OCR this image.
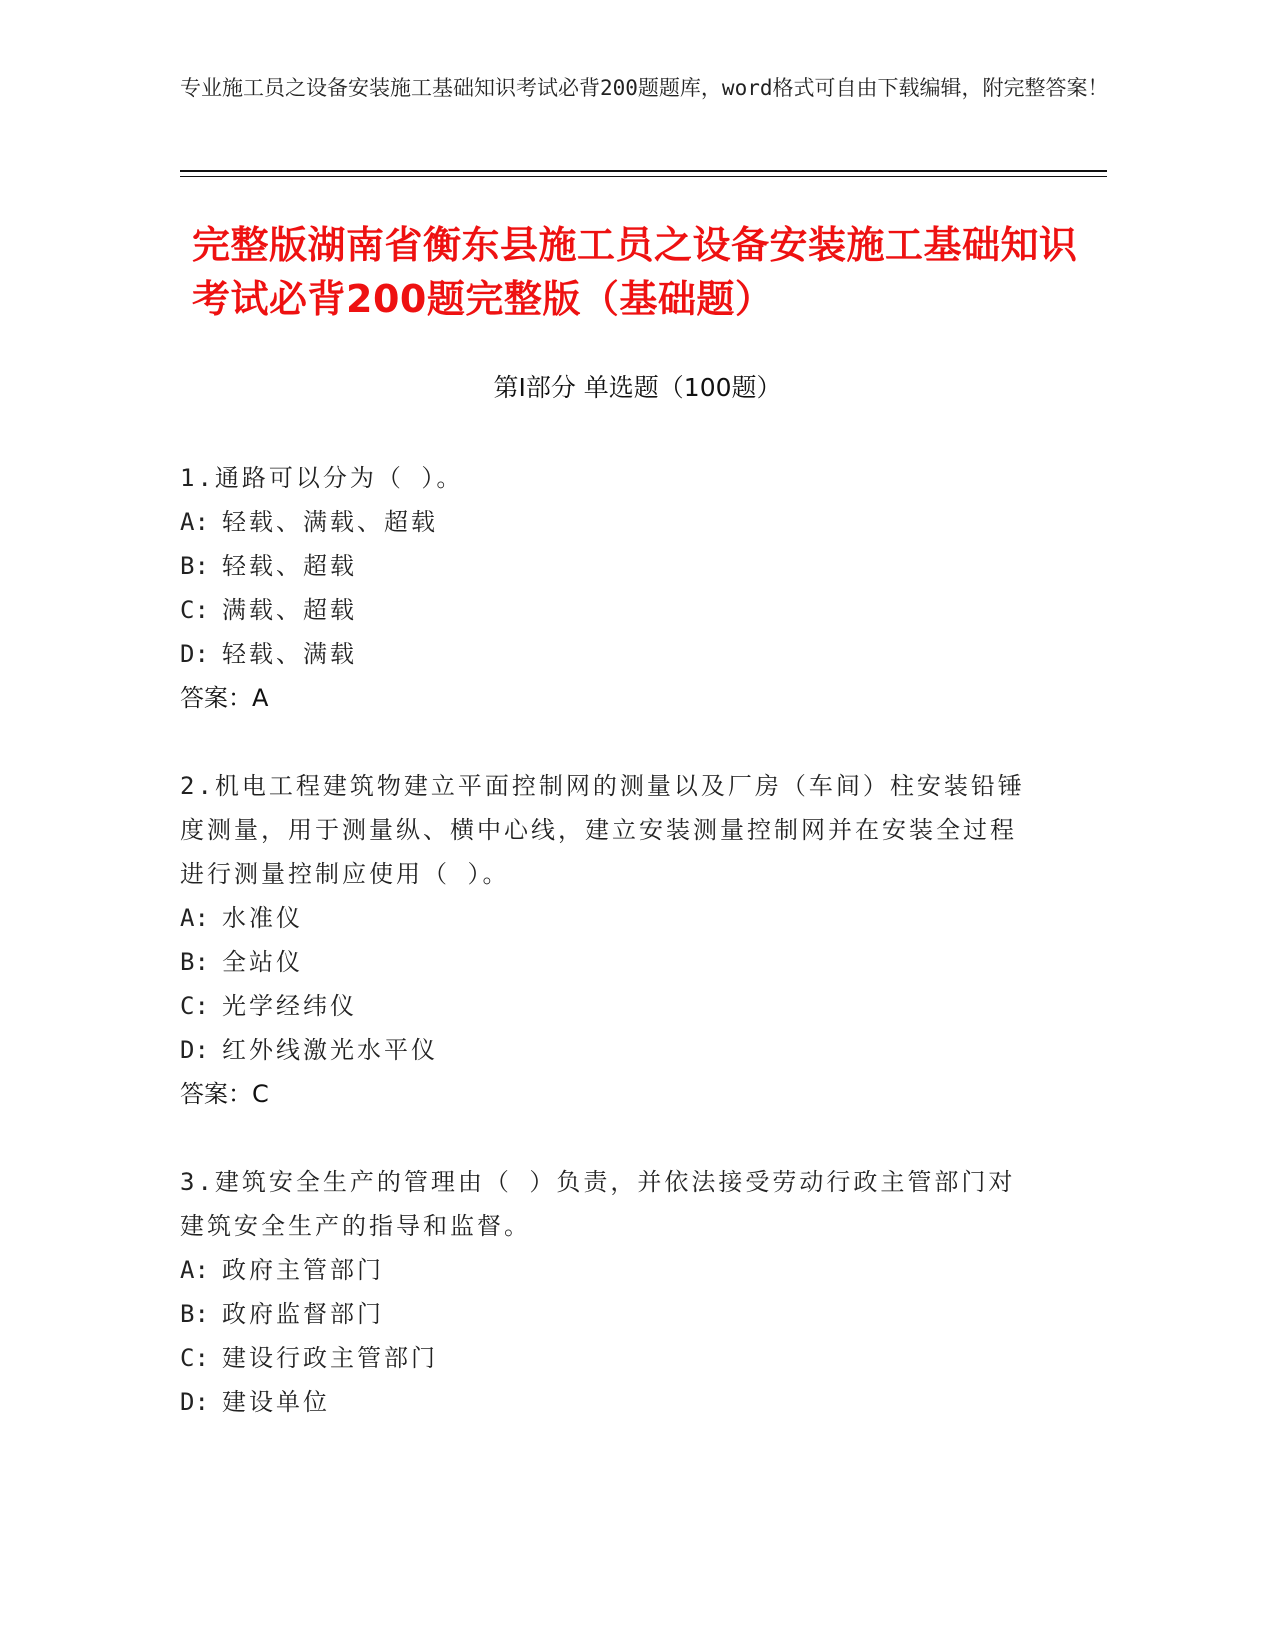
专业施工员之设备安装施工基础知识考试必背200题题库，word格式可自由下载编辑，附完整答案！
完整版湖南省衡东县施工员之设备安装施工基础知识考试必背200题完整版（基础题）
第Ⅰ部分 单选题（100题）
1.通路可以分为（ ）。
A: 轻载、满载、超载
B: 轻载、超载
C: 满载、超载
D: 轻载、满载
答案：A
2.机电工程建筑物建立平面控制网的测量以及厂房（车间）柱安装铅锤度测量，用于测量纵、横中心线，建立安装测量控制网并在安装全过程进行测量控制应使用（ ）。
A: 水准仪
B: 全站仪
C: 光学经纬仪
D: 红外线激光水平仪
答案：C
3.建筑安全生产的管理由（ ）负责，并依法接受劳动行政主管部门对建筑安全生产的指导和监督。
A: 政府主管部门
B: 政府监督部门
C: 建设行政主管部门
D: 建设单位
